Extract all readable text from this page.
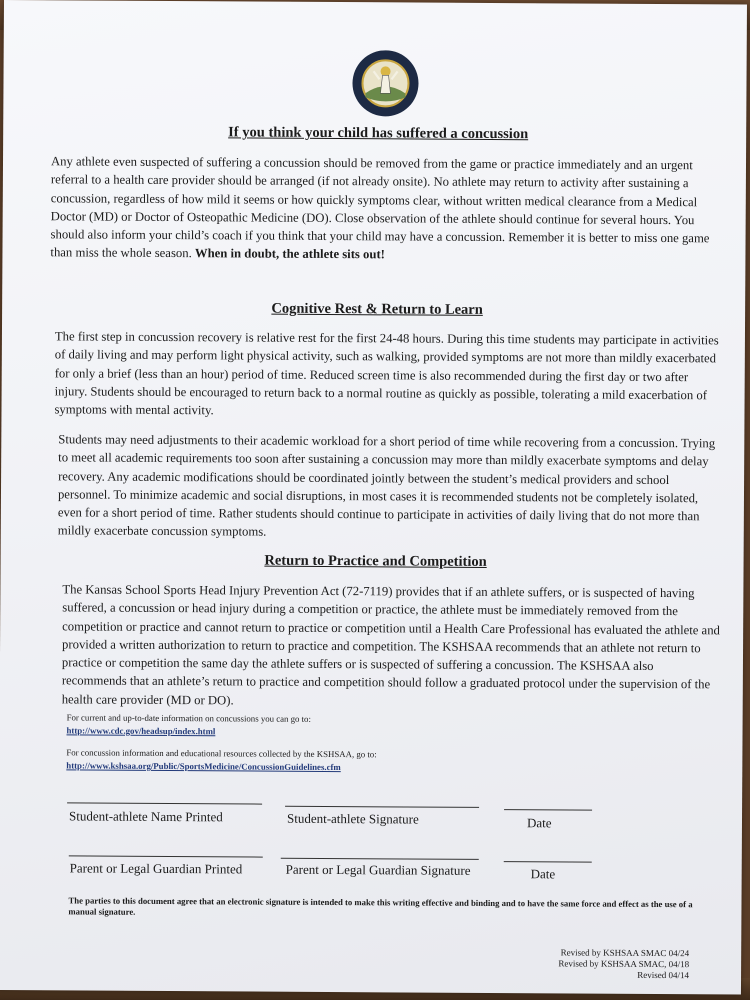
If you think your child has suffered a concussion

Any athlete even suspected of suffering a concussion should be removed from the game or practice immediately and an urgent referral to a health care provider should be arranged (if not already onsite). No athlete may return to activity after sustaining a concussion, regardless of how mild it seems or how quickly symptoms clear, without written medical clearance from a Medical Doctor (MD) or Doctor of Osteopathic Medicine (DO). Close observation of the athlete should continue for several hours. You should also inform your child’s coach if you think that your child may have a concussion. Remember it is better to miss one game than miss the whole season. When in doubt, the athlete sits out!

Cognitive Rest & Return to Learn

The first step in concussion recovery is relative rest for the first 24-48 hours. During this time students may participate in activities of daily living and may perform light physical activity, such as walking, provided symptoms are not more than mildly exacerbated for only a brief (less than an hour) period of time. Reduced screen time is also recommended during the first day or two after injury. Students should be encouraged to return back to a normal routine as quickly as possible, tolerating a mild exacerbation of symptoms with mental activity.

Students may need adjustments to their academic workload for a short period of time while recovering from a concussion. Trying to meet all academic requirements too soon after sustaining a concussion may more than mildly exacerbate symptoms and delay recovery. Any academic modifications should be coordinated jointly between the student’s medical providers and school personnel. To minimize academic and social disruptions, in most cases it is recommended students not be completely isolated, even for a short period of time. Rather students should continue to participate in activities of daily living that do not more than mildly exacerbate concussion symptoms.

Return to Practice and Competition

The Kansas School Sports Head Injury Prevention Act (72-7119) provides that if an athlete suffers, or is suspected of having suffered, a concussion or head injury during a competition or practice, the athlete must be immediately removed from the competition or practice and cannot return to practice or competition until a Health Care Professional has evaluated the athlete and provided a written authorization to return to practice and competition. The KSHSAA recommends that an athlete not return to practice or competition the same day the athlete suffers or is suspected of suffering a concussion. The KSHSAA also recommends that an athlete’s return to practice and competition should follow a graduated protocol under the supervision of the health care provider (MD or DO).

For current and up-to-date information on concussions you can go to:

http://www.cdc.gov/headsup/index.html

For concussion information and educational resources collected by the KSHSAA, go to:

http://www.kshsaa.org/Public/SportsMedicine/ConcussionGuidelines.cfm

Student-athlete Name Printed	Student-athlete Signature	Date
Parent or Legal Guardian Printed	Parent or Legal Guardian Signature	Date

The parties to this document agree that an electronic signature is intended to make this writing effective and binding and to have the same force and effect as the use of a manual signature.

Revised by KSHSAA SMAC 04/24
Revised by KSHSAA SMAC, 04/18
Revised 04/14
